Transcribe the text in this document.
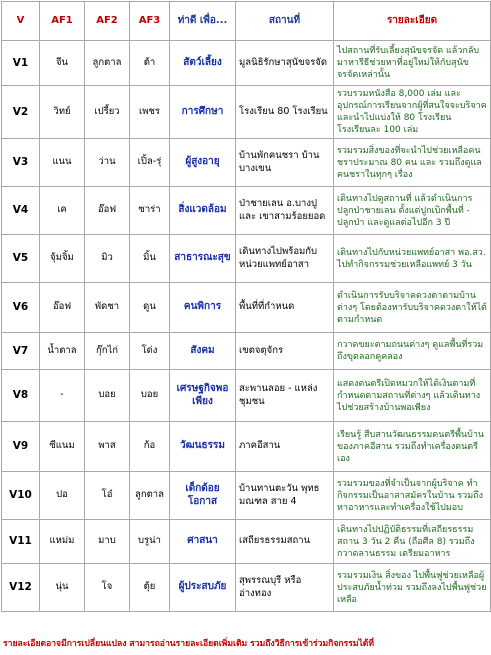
V	AF1	AF2	AF3	ท่าดี เพื่อ...	สถานที่	รายละเอียด
V1	จีน	ลูกตาล	ต้า	สัตว์เลี้ยง	มูลนิธิรักษาสุนัขจรจัด	ไปสถานที่รับเลี้ยงสุนัขจรจัด แล้วกลับมาหารีธีช่วยหาที่อยู่ใหม่ให้กับสุนัขจรจัดเหล่านั้น
V2	วิทย์	เปรี้ยว	เพชร	การศึกษา	โรงเรียน 80 โรงเรียน	รวบรวมหนังสือ 8,000 เล่ม และอุปกรณ์การเรียนจากผู้ที่สนใจจะบริจาค และนำไปแบ่งให้ 80 โรงเรียน โรงเรียนละ 100 เล่ม
V3	แนน	ว่าน	เปิ้ล-รุ่	ผู้สูงอายุ	บ้านพักคนชรา บ้านบางเขน	รวมรวมสิ่งของที่จะนำไปช่วยเหลือคนชราประมาณ 80 คน และ รวมถึงดูแลคนชราในทุกๆ เรื่อง
V4	เค	อ๊อฟ	ซาร่า	สิ่งแวดล้อม	ป่าชายเลน อ.บางปู และ เขาสามร้อยยอด	เดินทางไปดูสถานที่ แล้วดำเนินการปลูกป่าชายเลน ตั้งแต่ปูกเบิกพื้นที่ - ปลูกป่า และดูแลต่อไปอีก 3 ปี
V5	จุ้มจิ้ม	มิว	มิ้น	สาธารณะสุข	เดินทางไปพร้อมกับหน่วยแพทย์อาสา	เดินทางไปกับหน่วยแพทย์อาสา พอ.สว. ไปทำกิจกรรมช่วยเหลือแพทย์ 3 วัน
V6	อ๊อฟ	พัดชา	ดูน	คนพิการ	พื้นที่ที่กำหนด	ดำเนินการรับบริจาคดวงตาตามบ้านต่างๆ โดยต้องหารับบริจาคดวงตาให้ได้ตามกำหนด
V7	น้ำตาล	กุ๊กไก่	โด่ง	สังคม	เขตจตุจักร	กวาดขยะตามถนนต่างๆ ดูแลพื้นที่รวมถึงขุดลอกคูคลอง
V8	-	บอย	บอย	เศรษฐกิจพอเพียง	สะพานลอย - แหล่งชุมชน	แสดงดนตรีเปิดหมวกให้ได้เงินตามที่กำหนดตามสถานที่ต่างๆ แล้วเดินทางไปช่วยสร้างบ้านพอเพียง
V9	ซีแนม	พาส	ก้อ	วัฒนธรรม	ภาคอีสาน	เรียนรู้ สืบสานวัฒนธรรมดนตรีพื้นบ้านของภาคอีสาน รวมถึงทำเครื่องดนตรีเอง
V10	ปอ	โอ๋	ลูกตาล	เด็กด้อยโอกาส	บ้านทานตะวัน พุทธมณฑล สาย 4	รวมรวมของที่จำเป็นจากผู้บริจาค ทำกิจกรรมเป็นอาสาสมัครในบ้าน รวมถึงหาอาหารและทำเครื่องใช้ไปมอบ
V11	แหม่ม	มาบ	บรูน่า	ศาสนา	เสถียรธรรมสถาน	เดินทางไปปฏิบัติธรรมที่เสถียรธรรมสถาน 3 วัน 2 คืน (ถือศีล 8) รวมถึงกวาดลานธรรม เตรียมอาหาร
V12	นุ่น	โจ	ตุ้ย	ผู้ประสบภัย	สุพรรณบุรี หรืออ่างทอง	รวมรวมเงิน สิ่งของ ไปพื้นฟูช่วยเหลือผู้ประสบภัยน้ำท่วม รวมถึงลงไปพื้นฟูช่วยเหลือ
รายละเอียดอาจมีการเปลี่ยนแปลง สามารถอ่านรายละเอียดเพิ่มเติม รวมถึงวิธีการเข้าร่วมกิจกรรมได้ที่
